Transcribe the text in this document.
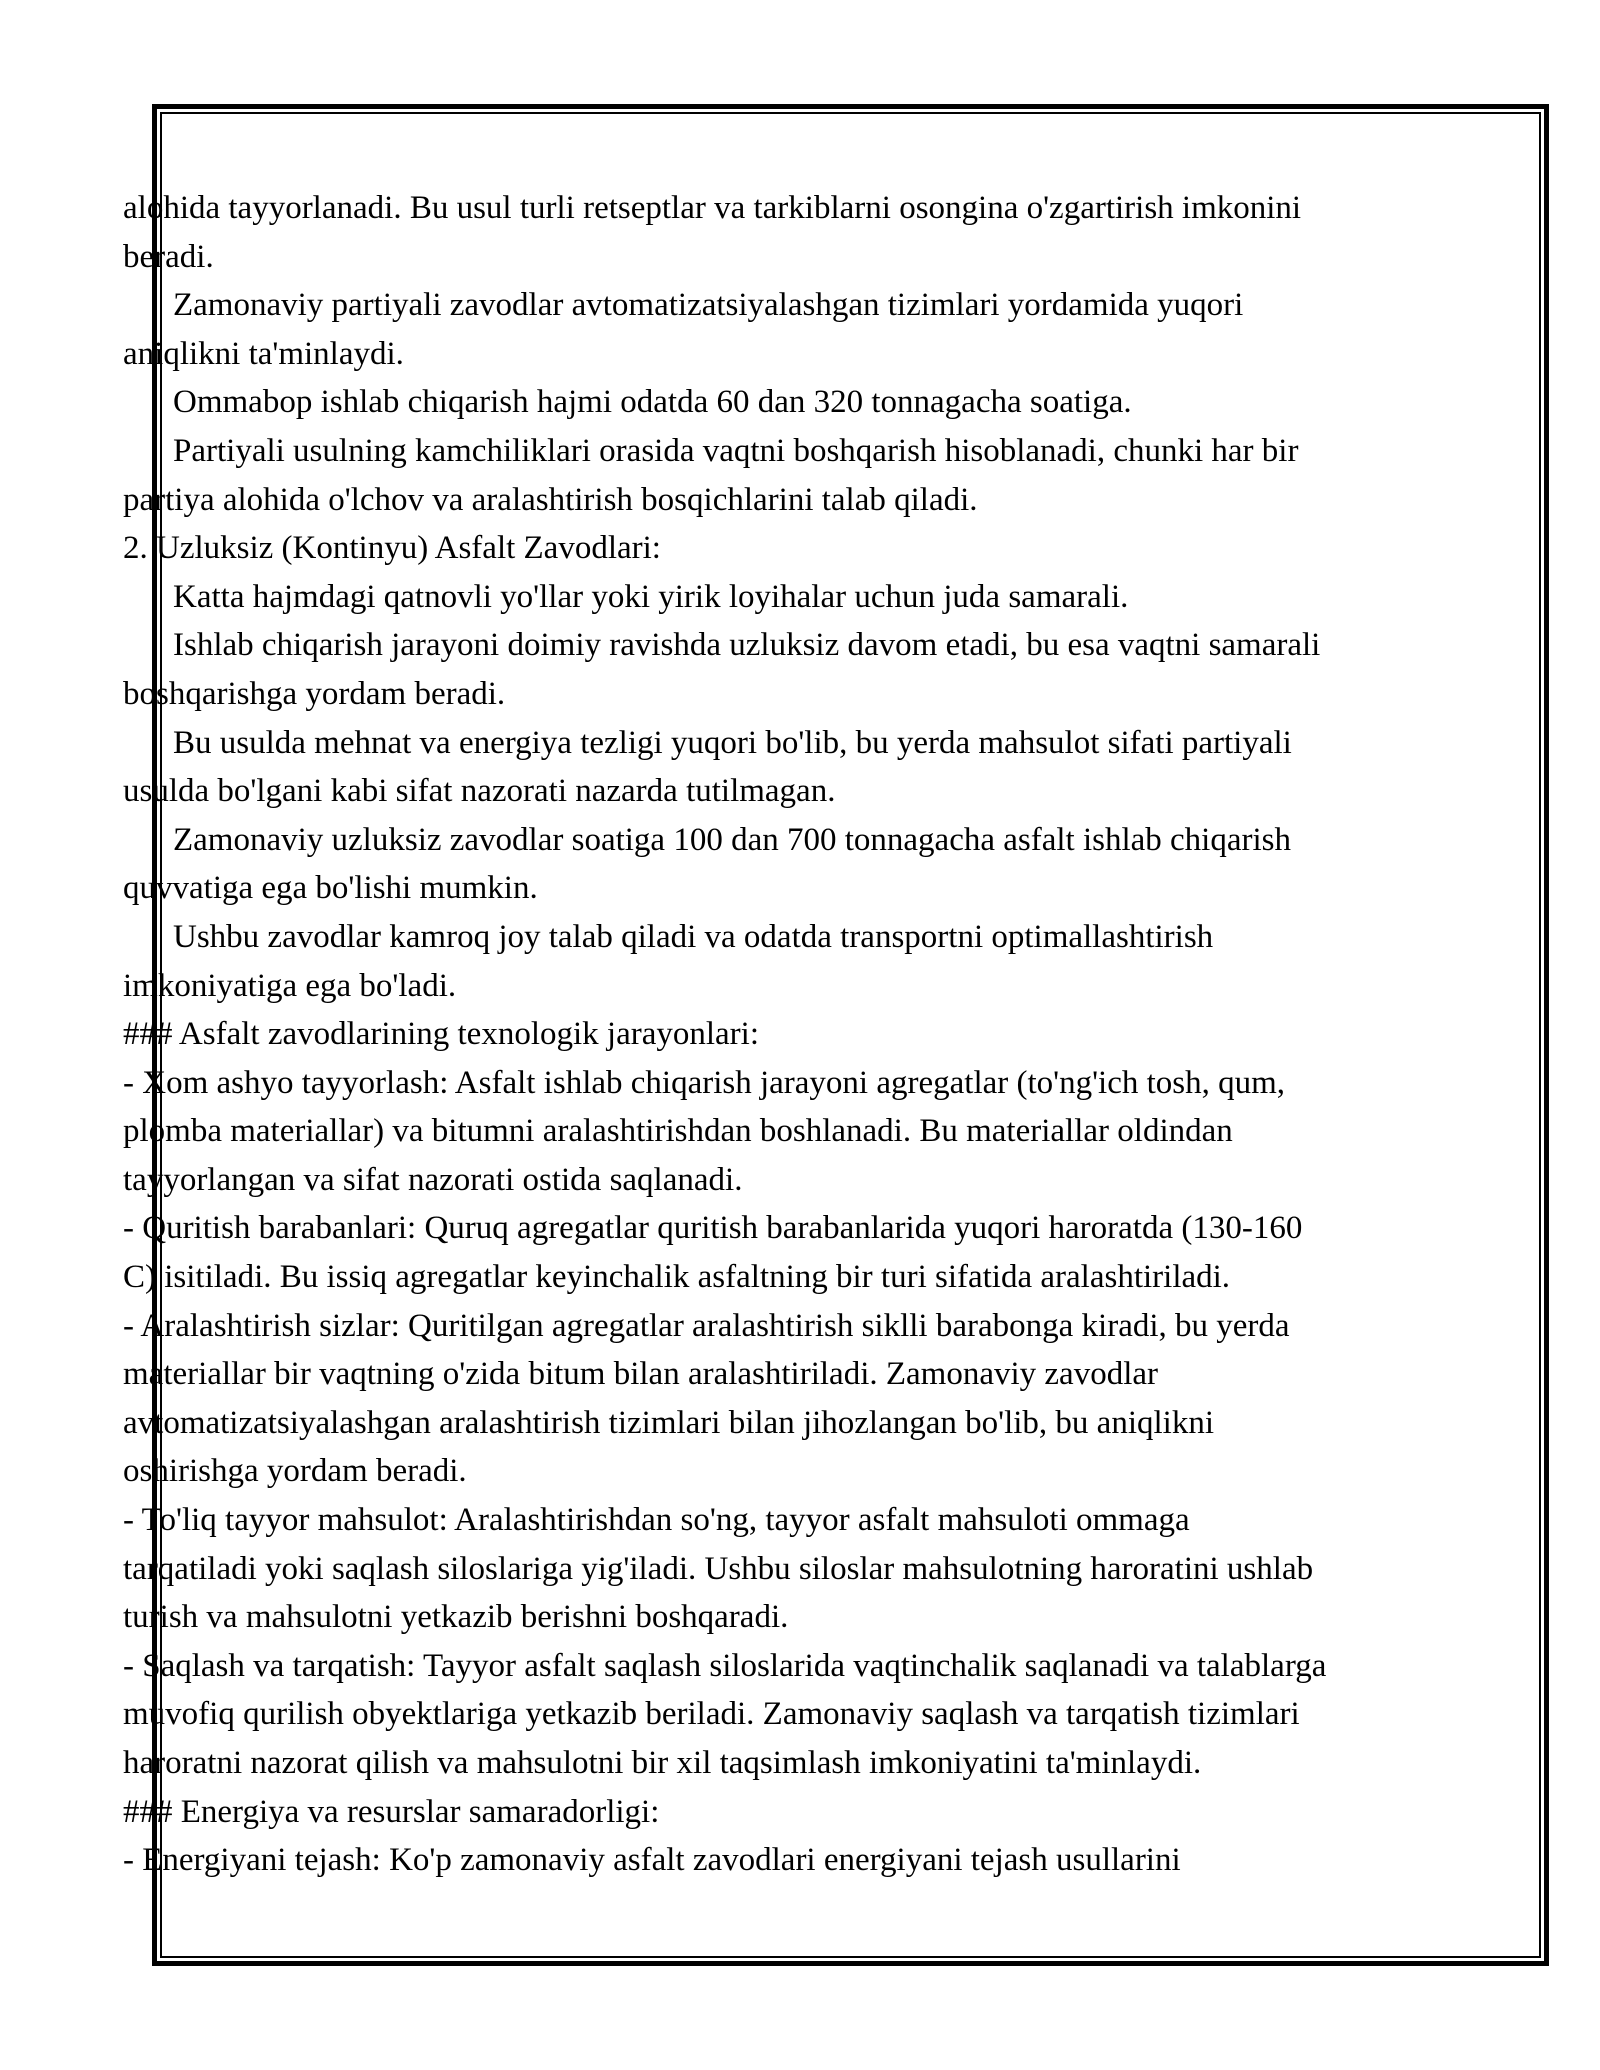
alohida tayyorlanadi. Bu usul turli retseptlar va tarkiblarni osongina o'zgartirish imkonini
beradi.
Zamonaviy partiyali zavodlar avtomatizatsiyalashgan tizimlari yordamida yuqori
aniqlikni ta'minlaydi.
Ommabop ishlab chiqarish hajmi odatda 60 dan 320 tonnagacha soatiga.
Partiyali usulning kamchiliklari orasida vaqtni boshqarish hisoblanadi, chunki har bir
partiya alohida o'lchov va aralashtirish bosqichlarini talab qiladi.
2. Uzluksiz (Kontinyu) Asfalt Zavodlari:
Katta hajmdagi qatnovli yo'llar yoki yirik loyihalar uchun juda samarali.
Ishlab chiqarish jarayoni doimiy ravishda uzluksiz davom etadi, bu esa vaqtni samarali
boshqarishga yordam beradi.
Bu usulda mehnat va energiya tezligi yuqori bo'lib, bu yerda mahsulot sifati partiyali
usulda bo'lgani kabi sifat nazorati nazarda tutilmagan.
Zamonaviy uzluksiz zavodlar soatiga 100 dan 700 tonnagacha asfalt ishlab chiqarish
quvvatiga ega bo'lishi mumkin.
Ushbu zavodlar kamroq joy talab qiladi va odatda transportni optimallashtirish
imkoniyatiga ega bo'ladi.
### Asfalt zavodlarining texnologik jarayonlari:
- Xom ashyo tayyorlash: Asfalt ishlab chiqarish jarayoni agregatlar (to'ng'ich tosh, qum,
plomba materiallar) va bitumni aralashtirishdan boshlanadi. Bu materiallar oldindan
tayyorlangan va sifat nazorati ostida saqlanadi.
- Quritish barabanlari: Quruq agregatlar quritish barabanlarida yuqori haroratda (130-160
C) isitiladi. Bu issiq agregatlar keyinchalik asfaltning bir turi sifatida aralashtiriladi.
- Aralashtirish sizlar: Quritilgan agregatlar aralashtirish siklli barabonga kiradi, bu yerda
materiallar bir vaqtning o'zida bitum bilan aralashtiriladi. Zamonaviy zavodlar
avtomatizatsiyalashgan aralashtirish tizimlari bilan jihozlangan bo'lib, bu aniqlikni
oshirishga yordam beradi.
- To'liq tayyor mahsulot: Aralashtirishdan so'ng, tayyor asfalt mahsuloti ommaga
tarqatiladi yoki saqlash siloslariga yig'iladi. Ushbu siloslar mahsulotning haroratini ushlab
turish va mahsulotni yetkazib berishni boshqaradi.
- Saqlash va tarqatish: Tayyor asfalt saqlash siloslarida vaqtinchalik saqlanadi va talablarga
muvofiq qurilish obyektlariga yetkazib beriladi. Zamonaviy saqlash va tarqatish tizimlari
haroratni nazorat qilish va mahsulotni bir xil taqsimlash imkoniyatini ta'minlaydi.
### Energiya va resurslar samaradorligi:
- Energiyani tejash: Ko'p zamonaviy asfalt zavodlari energiyani tejash usullarini
